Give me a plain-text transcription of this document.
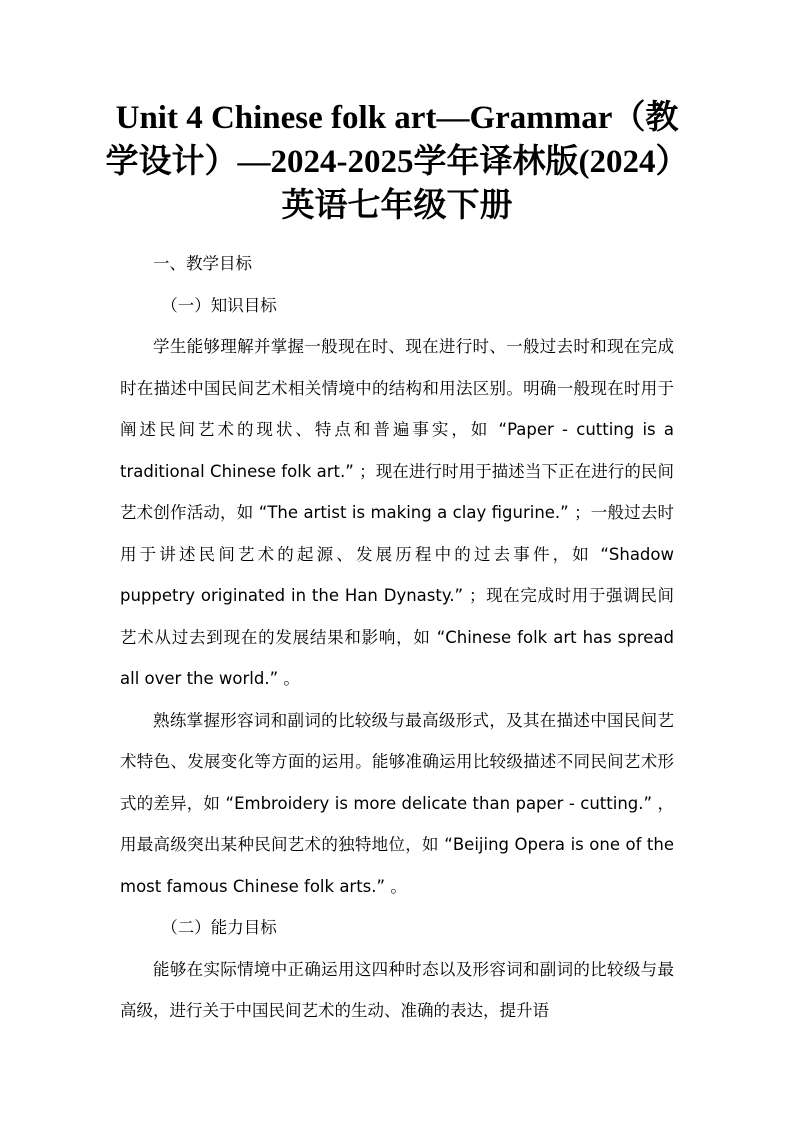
Unit 4 Chinese folk art—Grammar（教
学设计）—2024-2025学年译林版(2024）
英语七年级下册

一、教学目标

（一）知识目标

学生能够理解并掌握一般现在时、现在进行时、一般过去时和现在完成时在描述中国民间艺术相关情境中的结构和用法区别。明确一般现在时用于阐述民间艺术的现状、特点和普遍事实，如 “Paper - cutting is a traditional Chinese folk art.” ；现在进行时用于描述当下正在进行的民间艺术创作活动，如 “The artist is making a clay figurine.” ；一般过去时用于讲述民间艺术的起源、发展历程中的过去事件，如 “Shadow puppetry originated in the Han Dynasty.” ；现在完成时用于强调民间艺术从过去到现在的发展结果和影响，如 “Chinese folk art has spread all over the world.” 。

熟练掌握形容词和副词的比较级与最高级形式，及其在描述中国民间艺术特色、发展变化等方面的运用。能够准确运用比较级描述不同民间艺术形式的差异，如 “Embroidery is more delicate than paper - cutting.” ，用最高级突出某种民间艺术的独特地位，如 “Beijing Opera is one of the most famous Chinese folk arts.” 。

（二）能力目标

能够在实际情境中正确运用这四种时态以及形容词和副词的比较级与最高级，进行关于中国民间艺术的生动、准确的表达，提升语
